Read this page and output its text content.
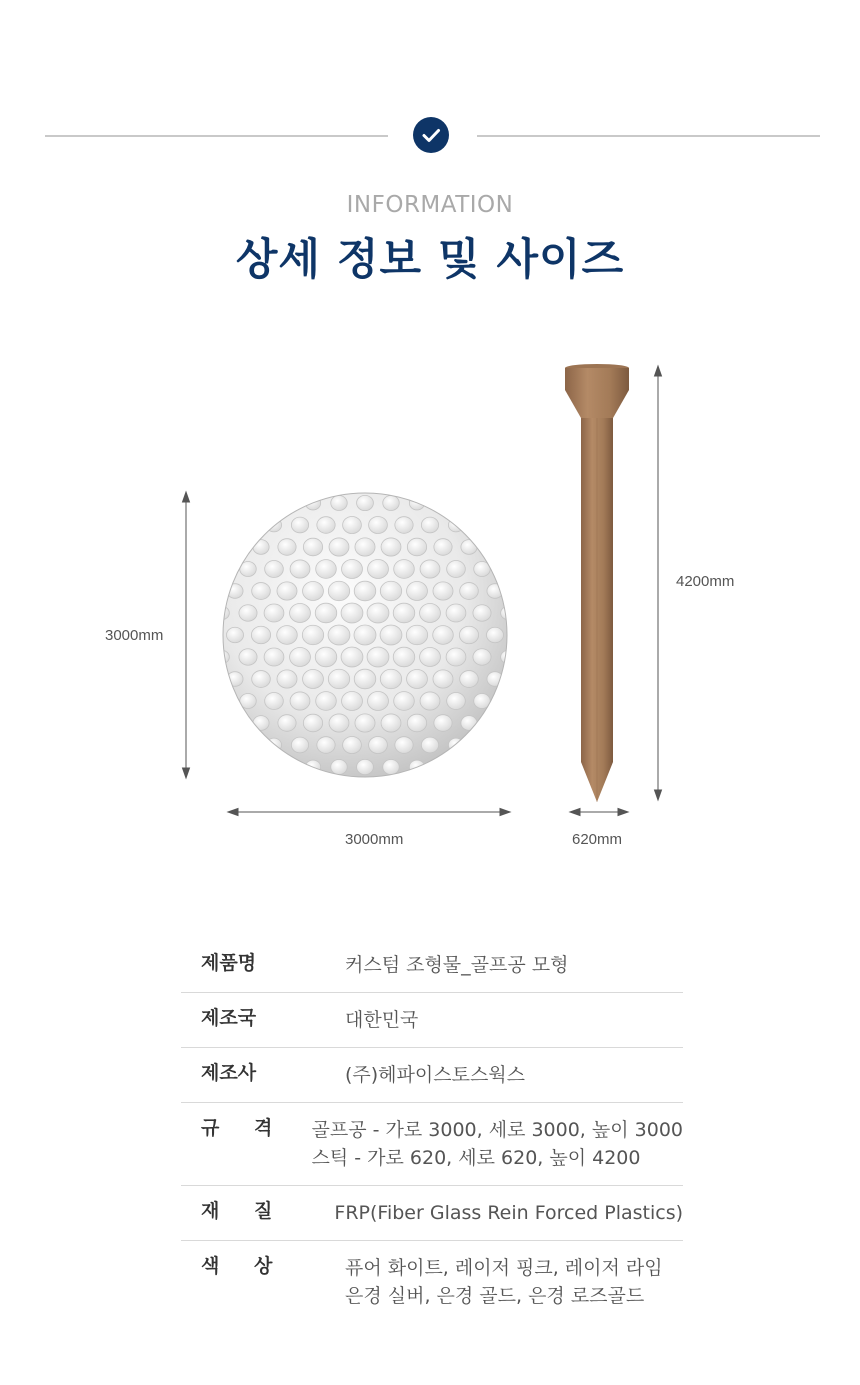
INFORMATION
상세 정보 및 사이즈
3000mm
3000mm
4200mm
620mm
제품명	커스텀 조형물_골프공 모형
제조국	대한민국
제조사	(주)헤파이스토스웍스
규 격	골프공 - 가로 3000, 세로 3000, 높이 3000
스틱 - 가로 620, 세로 620, 높이 4200
재 질	FRP(Fiber Glass Rein Forced Plastics)
색 상	퓨어 화이트, 레이저 핑크, 레이저 라임
은경 실버, 은경 골드, 은경 로즈골드
